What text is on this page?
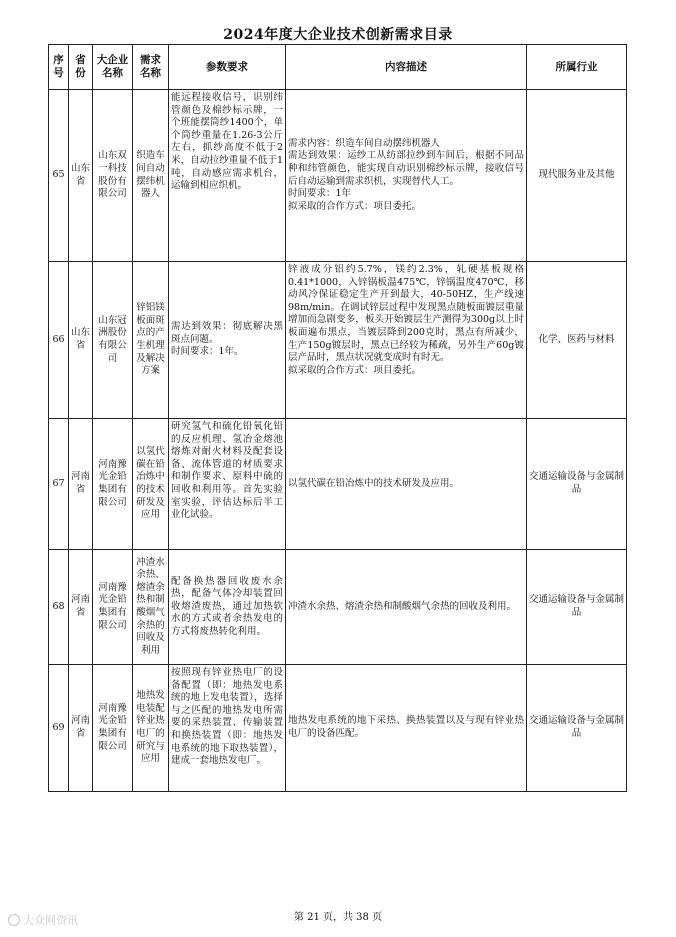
2024年度大企业技术创新需求目录
序号	省份	大企业名称	需求名称	参数要求	内容描述	所属行业
65	山东省	山东双一科技股份有限公司	织造车间自动摆纬机器人	能远程接收信号，识别纬管颜色及棉纱标示牌，一个班能摆筒纱1400个，单个筒纱重量在1.26-3公斤左右，抓纱高度不低于2米，自动拉纱重量不低于1吨，自动感应需求机台，运输到相应织机。	需求内容：织造车间自动摆纬机器人
需达到效果：运纱工从纺部拉纱到车间后，根据不同品种和纬管颜色，能实现自动识别棉纱标示牌，接收信号后自动运输到需求织机，实现替代人工。
时间要求：1年
拟采取的合作方式：项目委托。	现代服务业及其他
66	山东省	山东冠洲股份有限公司	锌铝镁板面斑点的产生机理及解决方案	需达到效果：彻底解决黑斑点问题。
时间要求：1年。	锌液成分铝约5.7%，镁约2.3%，轧硬基板规格0.41*1000，入锌锅板温475℃，锌锅温度470℃，移动风冷保证稳定生产开到最大，40-50HZ，生产线速98m/min。在调试锌层过程中发现黑点随板面镀层重量增加而急剧变多，板头开始镀层生产测得为300g以上时板面遍布黑点，当镀层降到200克时，黑点有所减少，生产150g镀层时，黑点已经较为稀疏，另外生产60g镀层产品时，黑点状况就变成时有时无。
拟采取的合作方式：项目委托。	化学、医药与材料
67	河南省	河南豫光金铅集团有限公司	以氢代碳在铅冶炼中的技术研发及应用	研究氢气和硫化铅氧化铅的反应机理、氢冶金熔池熔炼对耐火材料及配套设备、流体管道的材质要求和制作要求、原料中硫的回收和利用等。首先实验室实验，评估达标后半工业化试验。	以氢代碳在铅冶炼中的技术研发及应用。	交通运输设备与金属制品
68	河南省	河南豫光金铅集团有限公司	冲渣水余热、熔渣余热和制酸烟气余热的回收及利用	配备换热器回收废水余热，配备气体冷却装置回收熔渣废热，通过加热软水的方式或者余热发电的方式将废热转化利用。	冲渣水余热、熔渣余热和制酸烟气余热的回收及利用。	交通运输设备与金属制品
69	河南省	河南豫光金铅集团有限公司	地热发电装配锌业热电厂的研究与应用	按照现有锌业热电厂的设备配置（即：地热发电系统的地上发电装置），选择与之匹配的地热发电所需要的采热装置、传输装置和换热装置（即：地热发电系统的地下取热装置），建成一套地热发电厂。	地热发电系统的地下采热、换热装置以及与现有锌业热电厂的设备匹配。	交通运输设备与金属制品
第 21 页，共 38 页
大众网资讯
